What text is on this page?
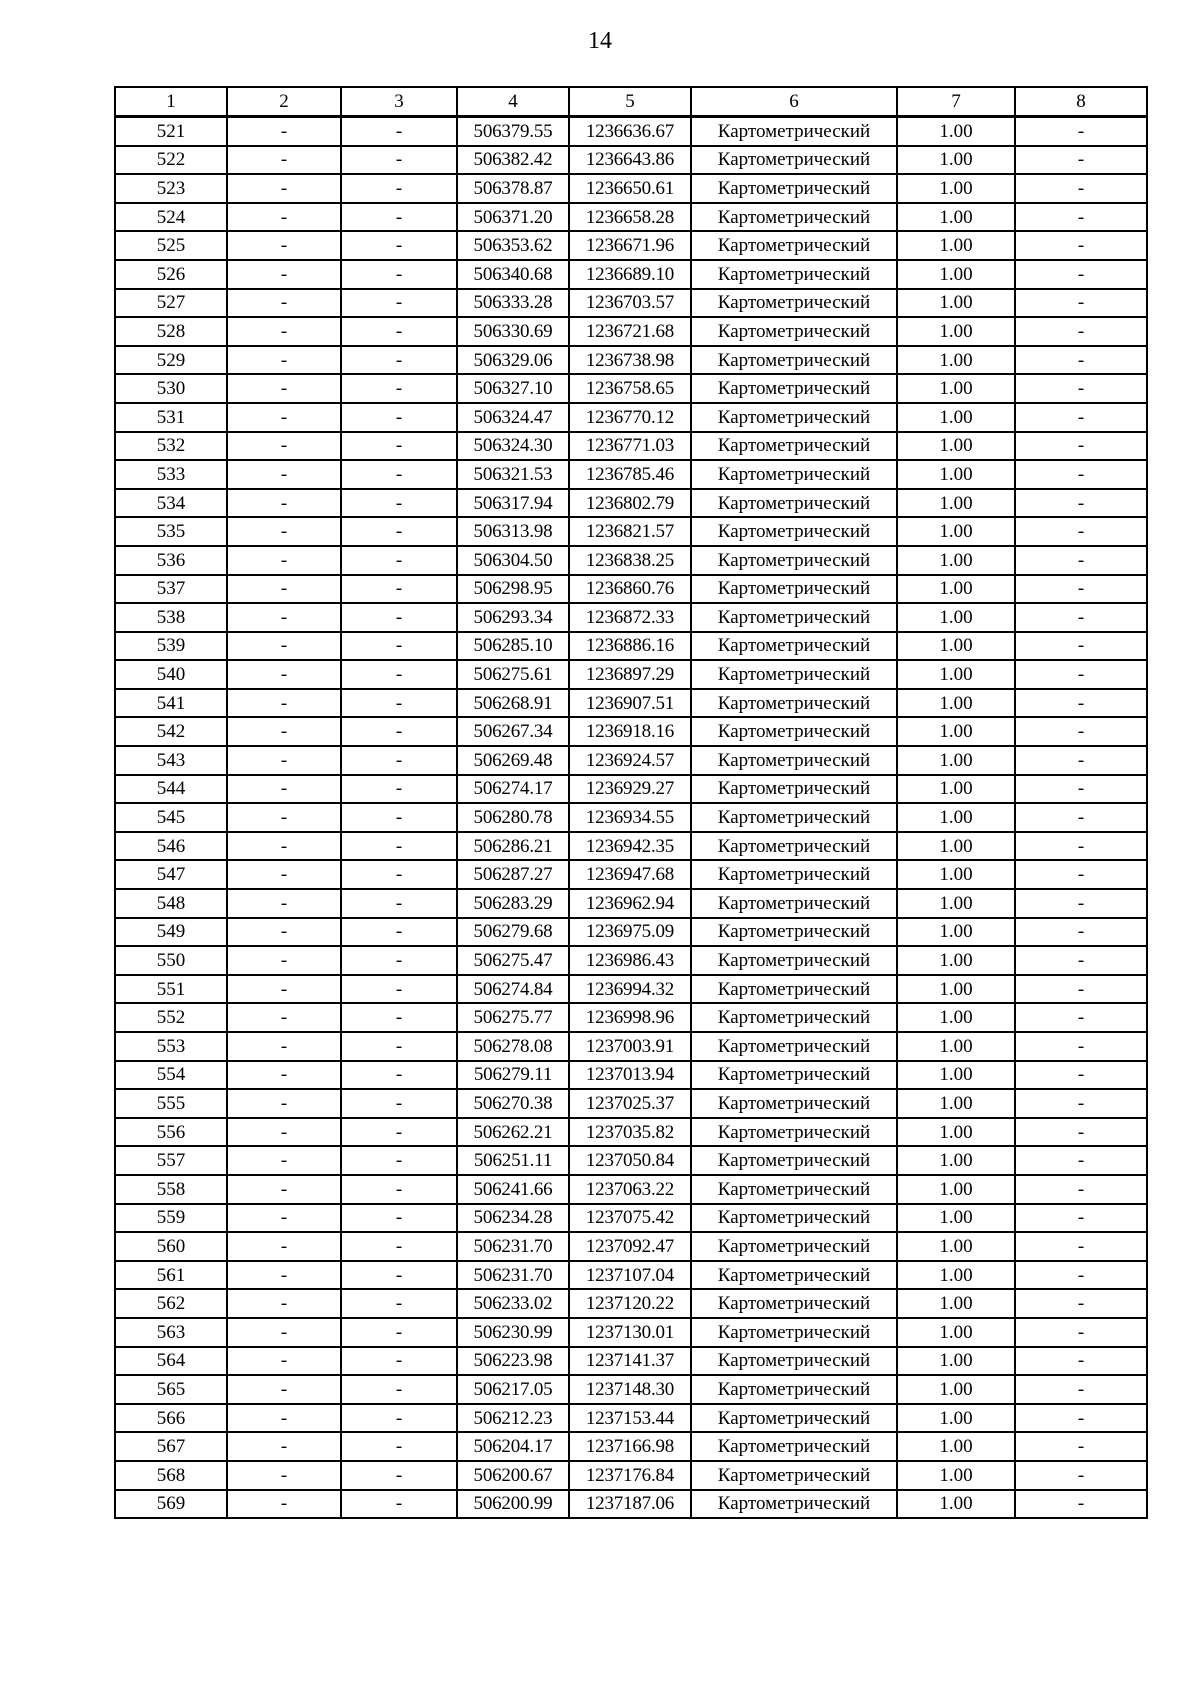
14
1	2	3	4	5	6	7	8
521	-	-	506379.55	1236636.67	Картометрический	1.00	-
522	-	-	506382.42	1236643.86	Картометрический	1.00	-
523	-	-	506378.87	1236650.61	Картометрический	1.00	-
524	-	-	506371.20	1236658.28	Картометрический	1.00	-
525	-	-	506353.62	1236671.96	Картометрический	1.00	-
526	-	-	506340.68	1236689.10	Картометрический	1.00	-
527	-	-	506333.28	1236703.57	Картометрический	1.00	-
528	-	-	506330.69	1236721.68	Картометрический	1.00	-
529	-	-	506329.06	1236738.98	Картометрический	1.00	-
530	-	-	506327.10	1236758.65	Картометрический	1.00	-
531	-	-	506324.47	1236770.12	Картометрический	1.00	-
532	-	-	506324.30	1236771.03	Картометрический	1.00	-
533	-	-	506321.53	1236785.46	Картометрический	1.00	-
534	-	-	506317.94	1236802.79	Картометрический	1.00	-
535	-	-	506313.98	1236821.57	Картометрический	1.00	-
536	-	-	506304.50	1236838.25	Картометрический	1.00	-
537	-	-	506298.95	1236860.76	Картометрический	1.00	-
538	-	-	506293.34	1236872.33	Картометрический	1.00	-
539	-	-	506285.10	1236886.16	Картометрический	1.00	-
540	-	-	506275.61	1236897.29	Картометрический	1.00	-
541	-	-	506268.91	1236907.51	Картометрический	1.00	-
542	-	-	506267.34	1236918.16	Картометрический	1.00	-
543	-	-	506269.48	1236924.57	Картометрический	1.00	-
544	-	-	506274.17	1236929.27	Картометрический	1.00	-
545	-	-	506280.78	1236934.55	Картометрический	1.00	-
546	-	-	506286.21	1236942.35	Картометрический	1.00	-
547	-	-	506287.27	1236947.68	Картометрический	1.00	-
548	-	-	506283.29	1236962.94	Картометрический	1.00	-
549	-	-	506279.68	1236975.09	Картометрический	1.00	-
550	-	-	506275.47	1236986.43	Картометрический	1.00	-
551	-	-	506274.84	1236994.32	Картометрический	1.00	-
552	-	-	506275.77	1236998.96	Картометрический	1.00	-
553	-	-	506278.08	1237003.91	Картометрический	1.00	-
554	-	-	506279.11	1237013.94	Картометрический	1.00	-
555	-	-	506270.38	1237025.37	Картометрический	1.00	-
556	-	-	506262.21	1237035.82	Картометрический	1.00	-
557	-	-	506251.11	1237050.84	Картометрический	1.00	-
558	-	-	506241.66	1237063.22	Картометрический	1.00	-
559	-	-	506234.28	1237075.42	Картометрический	1.00	-
560	-	-	506231.70	1237092.47	Картометрический	1.00	-
561	-	-	506231.70	1237107.04	Картометрический	1.00	-
562	-	-	506233.02	1237120.22	Картометрический	1.00	-
563	-	-	506230.99	1237130.01	Картометрический	1.00	-
564	-	-	506223.98	1237141.37	Картометрический	1.00	-
565	-	-	506217.05	1237148.30	Картометрический	1.00	-
566	-	-	506212.23	1237153.44	Картометрический	1.00	-
567	-	-	506204.17	1237166.98	Картометрический	1.00	-
568	-	-	506200.67	1237176.84	Картометрический	1.00	-
569	-	-	506200.99	1237187.06	Картометрический	1.00	-
